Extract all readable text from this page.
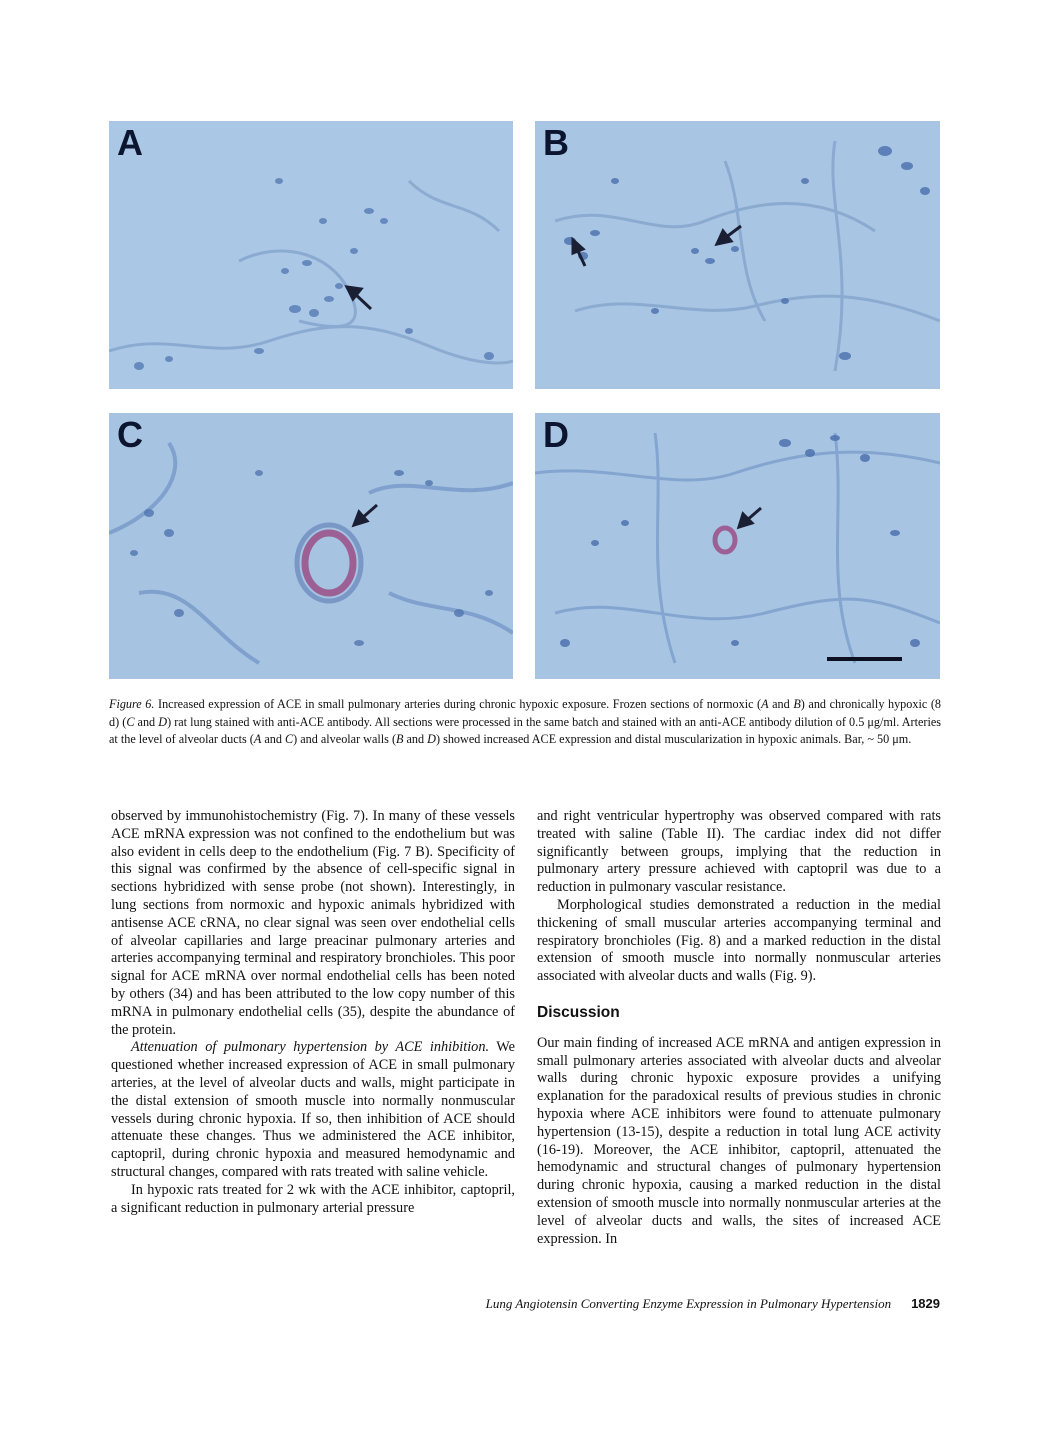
A	B
C	D
Figure 6. Increased expression of ACE in small pulmonary arteries during chronic hypoxic exposure. Frozen sections of normoxic (A and B) and chronically hypoxic (8 d) (C and D) rat lung stained with anti-ACE antibody. All sections were processed in the same batch and stained with an anti-ACE antibody dilution of 0.5 μg/ml. Arteries at the level of alveolar ducts (A and C) and alveolar walls (B and D) showed increased ACE expression and distal muscularization in hypoxic animals. Bar, ~ 50 μm.

observed by immunohistochemistry (Fig. 7). In many of these vessels ACE mRNA expression was not confined to the endothelium but was also evident in cells deep to the endothelium (Fig. 7 B). Specificity of this signal was confirmed by the absence of cell-specific signal in sections hybridized with sense probe (not shown). Interestingly, in lung sections from normoxic and hypoxic animals hybridized with antisense ACE cRNA, no clear signal was seen over endothelial cells of alveolar capillaries and large preacinar pulmonary arteries and arteries accompanying terminal and respiratory bronchioles. This poor signal for ACE mRNA over normal endothelial cells has been noted by others (34) and has been attributed to the low copy number of this mRNA in pulmonary endothelial cells (35), despite the abundance of the protein.

Attenuation of pulmonary hypertension by ACE inhibition. We questioned whether increased expression of ACE in small pulmonary arteries, at the level of alveolar ducts and walls, might participate in the distal extension of smooth muscle into normally nonmuscular vessels during chronic hypoxia. If so, then inhibition of ACE should attenuate these changes. Thus we administered the ACE inhibitor, captopril, during chronic hypoxia and measured hemodynamic and structural changes, compared with rats treated with saline vehicle.

In hypoxic rats treated for 2 wk with the ACE inhibitor, captopril, a significant reduction in pulmonary arterial pressure

and right ventricular hypertrophy was observed compared with rats treated with saline (Table II). The cardiac index did not differ significantly between groups, implying that the reduction in pulmonary artery pressure achieved with captopril was due to a reduction in pulmonary vascular resistance.

Morphological studies demonstrated a reduction in the medial thickening of small muscular arteries accompanying terminal and respiratory bronchioles (Fig. 8) and a marked reduction in the distal extension of smooth muscle into normally nonmuscular arteries associated with alveolar ducts and walls (Fig. 9).

Discussion

Our main finding of increased ACE mRNA and antigen expression in small pulmonary arteries associated with alveolar ducts and alveolar walls during chronic hypoxic exposure provides a unifying explanation for the paradoxical results of previous studies in chronic hypoxia where ACE inhibitors were found to attenuate pulmonary hypertension (13-15), despite a reduction in total lung ACE activity (16-19). Moreover, the ACE inhibitor, captopril, attenuated the hemodynamic and structural changes of pulmonary hypertension during chronic hypoxia, causing a marked reduction in the distal extension of smooth muscle into normally nonmuscular arteries at the level of alveolar ducts and walls, the sites of increased ACE expression. In

Lung Angiotensin Converting Enzyme Expression in Pulmonary Hypertension 1829
